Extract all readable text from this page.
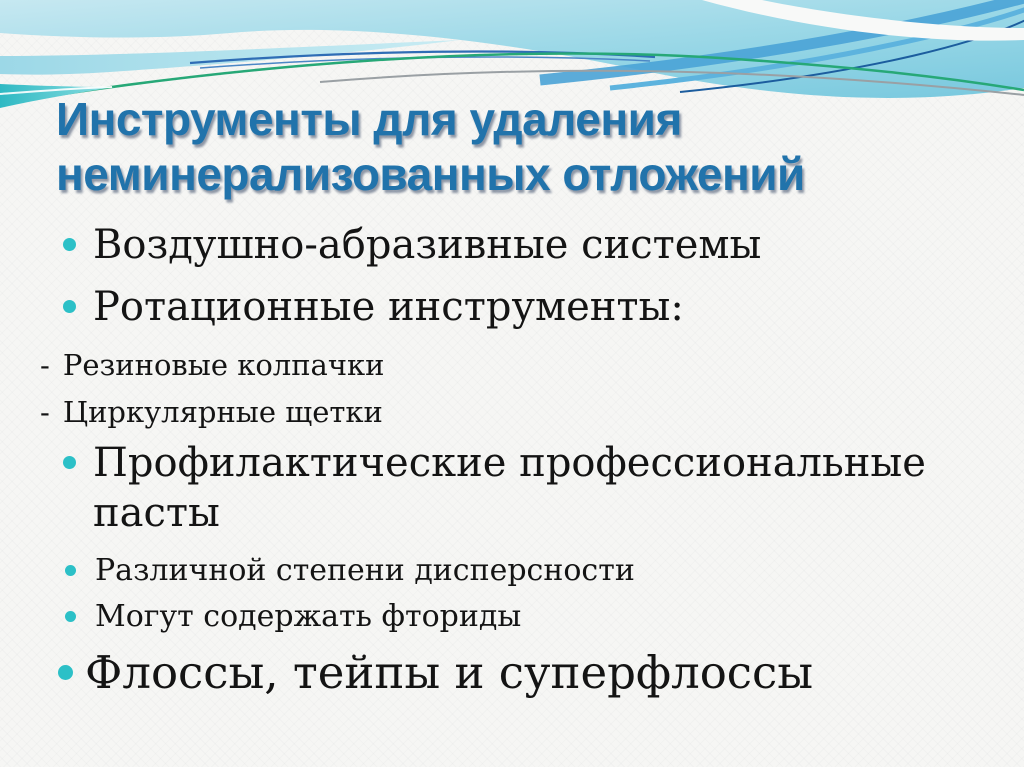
Инструменты для удаления
неминерализованных отложений
Воздушно-абразивные системы
Ротационные инструменты:
- Резиновые колпачки
- Циркулярные щетки
Профилактические профессиональные
пасты
Различной степени дисперсности
Могут содержать фториды
Флоссы, тейпы и суперфлоссы
